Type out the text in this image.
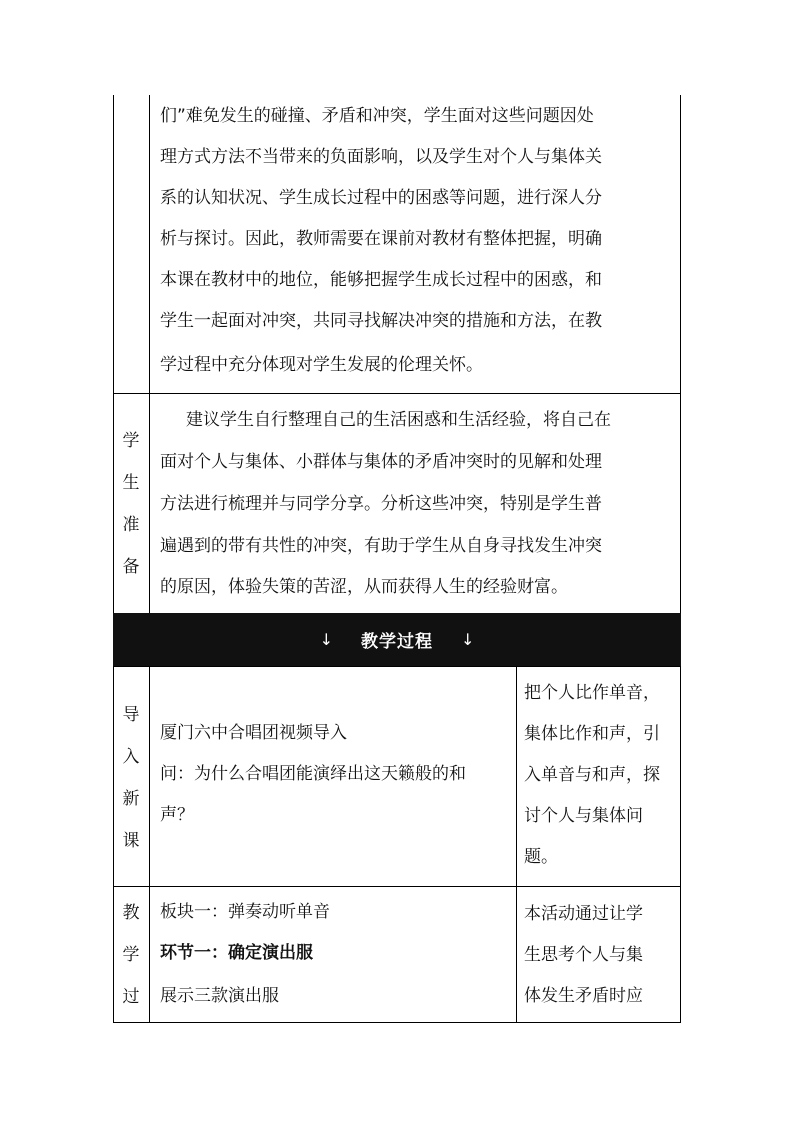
们”难免发生的碰撞、矛盾和冲突，学生面对这些问题因处
理方式方法不当带来的负面影响，以及学生对个人与集体关
系的认知状况、学生成长过程中的困惑等问题，进行深人分
析与探讨。因此，教师需要在课前对教材有整体把握，明确
本课在教材中的地位，能够把握学生成长过程中的困惑，和
学生一起面对冲突，共同寻找解决冲突的措施和方法，在教
学过程中充分体现对学生发展的伦理关怀。
学
生
准
备
建议学生自行整理自己的生活困惑和生活经验，将自己在
面对个人与集体、小群体与集体的矛盾冲突时的见解和处理
方法进行梳理并与同学分享。分析这些冲突，特别是学生普
遍遇到的带有共性的冲突，有助于学生从自身寻找发生冲突
的原因，体验失策的苦涩，从而获得人生的经验财富。
↓ 教学过程 ↓
导
入
新
课
厦门六中合唱团视频导入
问：为什么合唱团能演绎出这天籁般的和
声？
把个人比作单音，
集体比作和声，引
入单音与和声，探
讨个人与集体问
题。
教
学
过
板块一：弹奏动听单音
环节一：确定演出服
展示三款演出服
本活动通过让学
生思考个人与集
体发生矛盾时应
